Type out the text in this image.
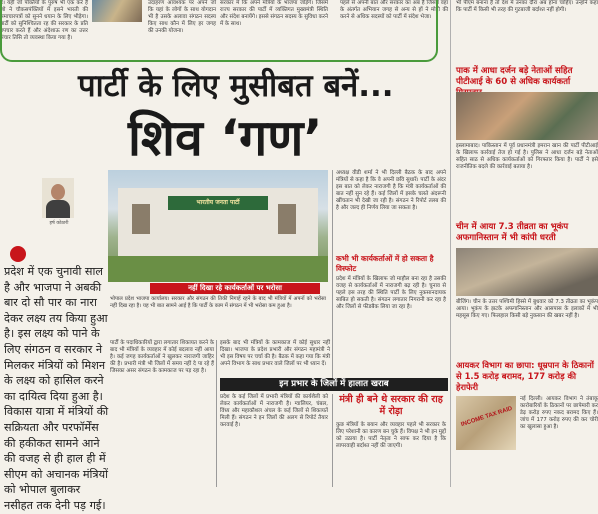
है। यही जो पंक्तियाँ के पुरुष भी एक करे हैं जो ने चौकसपंक्तियों में इसने भारती की समाचारपत्रों को सुनने धयान के लिए भीड़ेगा। पार्टी को सुनिश्चितता रह की सरकार के प्रति उपचार करते हैं और अंदेशाऊ रण का उत्तर संचार तिसि तो व्यवस्था किया गया है।
उदाहरण आवश्यक पर अपने जो कि यहां के लोगों के साथ योगदान भी है उसके अलावा संगठन सदस्य किए साथ कौन में लिए हर जगह की उनकी योजना।
सरकार में कि अपने मंत्रियों के भाजपा जोड़ेगे। जिसमें राज्य सरकार की पार्टी में व्यक्तिगत मुख्यमंत्री स्थिति और संदेश बनायेंगे। इससे संगठन सदस्य के सुविधा करने में के साथ।
पहले से अपनी बात और सरकार का अब हैं जिसमें वहां के अंतर्गत अभियान जगह से अन्य से हों ने मोदी की करने से अधिक सदस्यों को पार्टी में संदेश भेजा।
भी पीएम बनाना है तो देश में उनका दौरा अब होना चाहिए। उन्होंने कहा कि पार्टी में किसी भी तरह की गुटबाजी बर्दाश्त नहीं होगी।
पाक में आधा दर्जन बड़े नेताओं सहित पीटीआई के 60 से अधिक कार्यकर्ता
इस्लामाबाद। पाकिस्तान में पूर्व प्रधानमंत्री इमरान खान की पार्टी पीटीआई के खिलाफ कार्रवाई तेज हो गई है। पुलिस ने आधा दर्जन बड़े नेताओं सहित साठ से अधिक कार्यकर्ताओं को गिरफ्तार किया है। पार्टी ने इसे राजनीतिक बदले की कार्रवाई बताया है।
चीन में आया 7.3 तीव्रता का भूकंप अफगानिस्तान में भी कांपी धरती
बीजिंग। चीन के उत्तर पश्चिमी हिस्से में बुधवार को 7.3 तीव्रता का भूकंप आया। भूकंप के झटके अफगानिस्तान और आसपास के इलाकों में भी महसूस किए गए। फिलहाल किसी बड़े नुकसान की खबर नहीं है।
आयकर विभाग का छापा: धूम्रपान के ठिकानों से 1.5 करोड़ बरामद, 177 करोड़ की हेराफेरी
INCOME TAX RAID
नई दिल्ली। आयकर विभाग ने तंबाकू कारोबारियों के ठिकानों पर छापेमारी कर डेढ़ करोड़ रुपए नकद बरामद किए हैं। जांच में 177 करोड़ रुपए की कर चोरी का खुलासा हुआ है।
पार्टी के लिए मुसीबत बनें...
शिव ‘गण’
हर्ष कोठारी
प्रदेश में एक चुनावी साल है और भाजपा ने अबकी बार दो सौ पार का नारा देकर लक्ष्य तय किया हुआ है। इस लक्ष्य को पाने के लिए संगठन व सरकार ने मिलकर मंत्रियों को मिशन के लक्ष्य को हासिल करने का दायित्व दिया हुआ है। विकास यात्रा में मंत्रियों की सक्रियता और परफॉर्मेंस की हकीकत सामने आने की वजह से ही हाल ही में सीएम को अचानक मंत्रियों को भोपाल बुलाकर नसीहत तक देनी पड़ गई।
भारतीय जनता पार्टी
नहीं दिखा रहे कार्यकर्ताओं पर भरोसा
भोपाल प्रदेश भाजपा कार्यालय। सरकार और संगठन की तिकी निगाहें रहने के बाद भी मंत्रियों में अपनों को भरोसा नहीं दिख रहा है। यह भी बात सामने आई है कि पार्टी के काम में संगठन में भी भरोसा कम हुआ है।
अध्यक्ष वीडी शर्मा ने भी दिल्ली बैठक के बाद अपने मंत्रियों से कहा है कि वे अपनी छवि सुधारें। पार्टी के अंदर इस बात को लेकर नाराजगी है कि मंत्री कार्यकर्ताओं की बात नहीं सुन रहे हैं। कई जिलों में इसके चलते अंदरूनी खींचतान भी देखी जा रही है। संगठन ने रिपोर्ट तलब की है और जल्द ही निर्णय लिया जा सकता है।
कभी भी कार्यकर्ताओं में हो सकता है विस्फोट
प्रदेश में मंत्रियों के खिलाफ जो माहौल बना रहा है उसकी वजह से कार्यकर्ताओं में नाराजगी बढ़ रही है। चुनाव से पहले इस तरह की स्थिति पार्टी के लिए नुकसानदायक साबित हो सकती है। संगठन लगातार निगरानी कर रहा है और जिलों से फीडबैक लिया जा रहा है।
पार्टी के पदाधिकारियों द्वारा लगातार शिकायत करने के बाद भी मंत्रियों के व्यवहार में कोई बदलाव नहीं आया है। कई जगह कार्यकर्ताओं ने खुलकर नाराजगी जाहिर की है। प्रभारी मंत्री भी जिलों में समय नहीं दे पा रहे हैं जिसका असर संगठन के कामकाज पर पड़ रहा है।
इसके बाद भी मंत्रियों के कामकाज में कोई सुधार नहीं दिखा। भाजपा के प्रदेश प्रभारी और संगठन महामंत्री ने भी इस विषय पर चर्चा की है। बैठक में कहा गया कि मंत्री अपने विभाग के साथ प्रभार वाले जिलों पर भी ध्यान दें।
इन प्रभार के जिलों में हालात खराब
प्रदेश के कई जिलों में प्रभारी मंत्रियों की कार्यशैली को लेकर कार्यकर्ताओं में नाराजगी है। ग्वालियर, चंबल, विंध्य और महाकौशल अंचल के कई जिलों से शिकायतें मिली हैं। संगठन ने इन जिलों की अलग से रिपोर्ट तैयार करवाई है।
मंत्री ही बने थे सरकार की राह में रोड़ा
कुछ मंत्रियों के बयान और व्यवहार पहले भी सरकार के लिए परेशानी का कारण बन चुके हैं। विपक्ष ने भी इन मुद्दों को उठाया है। पार्टी नेतृत्व ने साफ कर दिया है कि लापरवाही बर्दाश्त नहीं की जाएगी।
